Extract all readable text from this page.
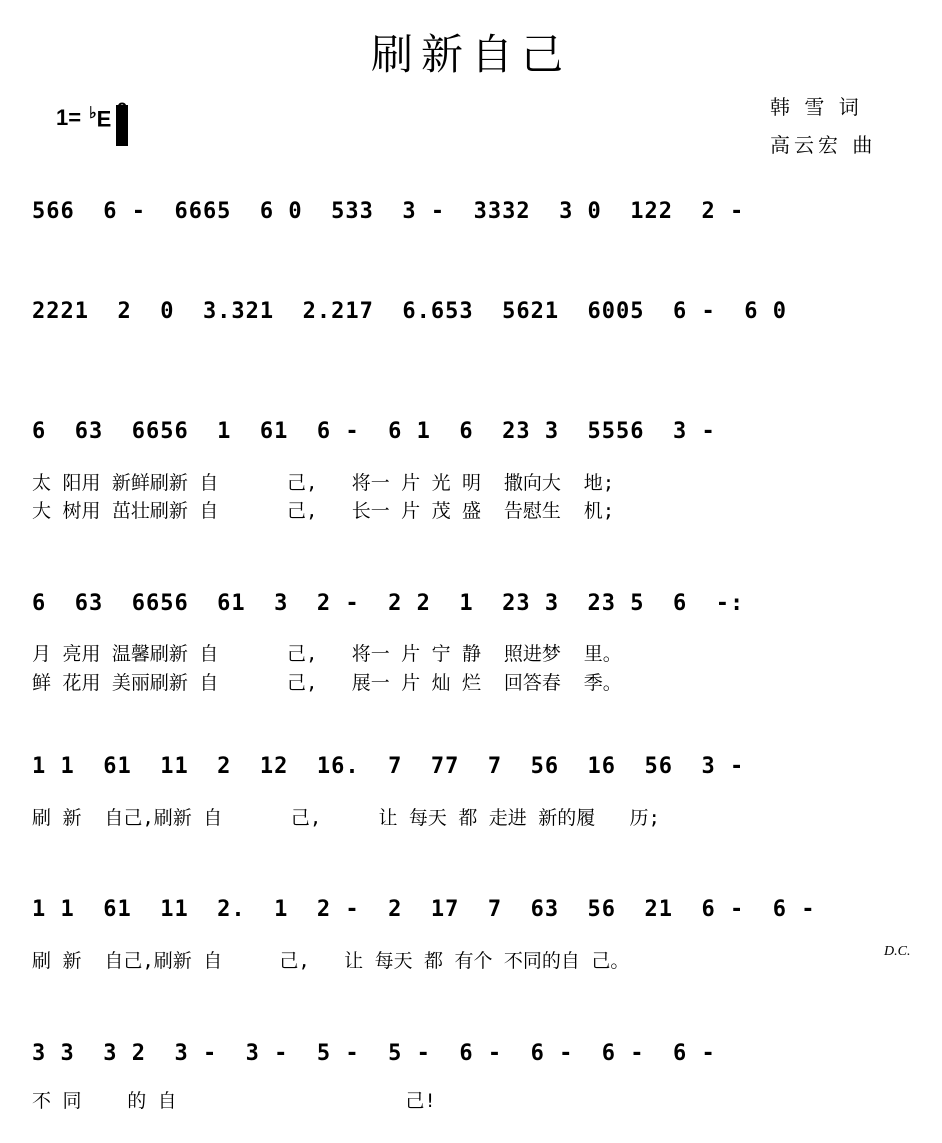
刷新自己
1= ♭E	韩 雪 词
高云宏 曲
D.C.
566  6 -  6665  6 0  533  3 -  3332  3 0  122  2 -
2221  2  0  3.321  2.217  6.653  5621  6005  6 -  6 0
6  63  6656  1  61  6 -  6 1  6  23 3  5556  3 -
太 阳用 新鲜刷新 自      己,   将一 片 光 明  撒向大  地;
大 树用 茁壮刷新 自      己,   长一 片 茂 盛  告慰生  机;
6  63  6656  61  3  2 -  2 2  1  23 3  23 5  6  -:
月 亮用 温馨刷新 自      己,   将一 片 宁 静  照进梦  里。
鲜 花用 美丽刷新 自      己,   展一 片 灿 烂  回答春  季。
1 1  61  11  2  12  16.  7  77  7  56  16  56  3 -
刷 新  自己,刷新 自      己,     让 每天 都 走进 新的履   历;
1 1  61  11  2.  1  2 -  2  17  7  63  56  21  6 -  6 -
刷 新  自己,刷新 自     己,   让 每天 都 有个 不同的自 己。
3 3  3 2  3 -  3 -  5 -  5 -  6 -  6 -  6 -  6 -
不 同    的 自                    己!
